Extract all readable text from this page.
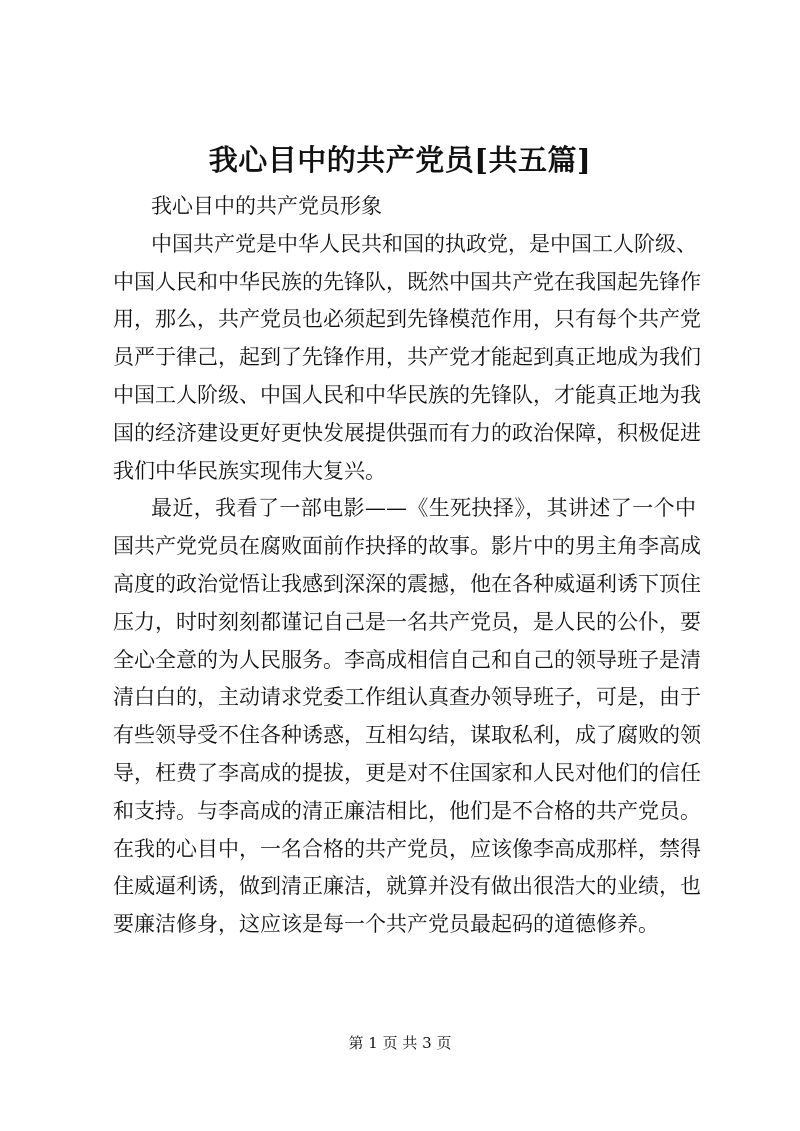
我心目中的共产党员[共五篇]
我心目中的共产党员形象
中国共产党是中华人民共和国的执政党，是中国工人阶级、
中国人民和中华民族的先锋队，既然中国共产党在我国起先锋作
用，那么，共产党员也必须起到先锋模范作用，只有每个共产党
员严于律己，起到了先锋作用，共产党才能起到真正地成为我们
中国工人阶级、中国人民和中华民族的先锋队，才能真正地为我
国的经济建设更好更快发展提供强而有力的政治保障，积极促进
我们中华民族实现伟大复兴。
最近，我看了一部电影——《生死抉择》，其讲述了一个中
国共产党党员在腐败面前作抉择的故事。影片中的男主角李高成
高度的政治觉悟让我感到深深的震撼，他在各种威逼利诱下顶住
压力，时时刻刻都谨记自己是一名共产党员，是人民的公仆，要
全心全意的为人民服务。李高成相信自己和自己的领导班子是清
清白白的，主动请求党委工作组认真查办领导班子，可是，由于
有些领导受不住各种诱惑，互相勾结，谋取私利，成了腐败的领
导，枉费了李高成的提拔，更是对不住国家和人民对他们的信任
和支持。与李高成的清正廉洁相比，他们是不合格的共产党员。
在我的心目中，一名合格的共产党员，应该像李高成那样，禁得
住威逼利诱，做到清正廉洁，就算并没有做出很浩大的业绩，也
要廉洁修身，这应该是每一个共产党员最起码的道德修养。
第 1 页 共 3 页
